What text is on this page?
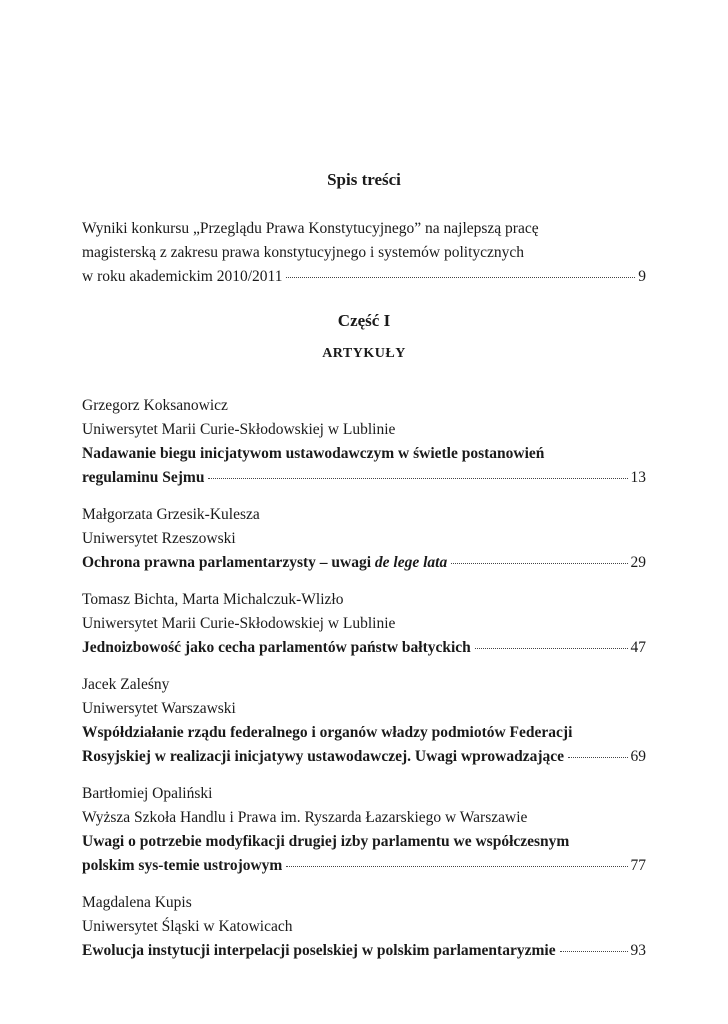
Spis treści
Wyniki konkursu „Przeglądu Prawa Konstytucyjnego” na najlepszą pracę
magisterską z zakresu prawa konstytucyjnego i systemów politycznych
w roku akademickim 2010/2011	9
Część I
ARTYKUŁY
Grzegorz Koksanowicz
Uniwersytet Marii Curie-Skłodowskiej w Lublinie
Nadawanie biegu inicjatywom ustawodawczym w świetle postanowień
regulaminu Sejmu	13
Małgorzata Grzesik-Kulesza
Uniwersytet Rzeszowski
Ochrona prawna parlamentarzysty – uwagi de lege lata	29
Tomasz Bichta, Marta Michalczuk-Wlizło
Uniwersytet Marii Curie-Skłodowskiej w Lublinie
Jednoizbowość jako cecha parlamentów państw bałtyckich	47
Jacek Zaleśny
Uniwersytet Warszawski
Współdziałanie rządu federalnego i organów władzy podmiotów Federacji
Rosyjskiej w realizacji inicjatywy ustawodawczej. Uwagi wprowadzające	69
Bartłomiej Opaliński
Wyższa Szkoła Handlu i Prawa im. Ryszarda Łazarskiego w Warszawie
Uwagi o potrzebie modyfikacji drugiej izby parlamentu we współczesnym
polskim sys-temie ustrojowym	77
Magdalena Kupis
Uniwersytet Śląski w Katowicach
Ewolucja instytucji interpelacji poselskiej w polskim parlamentaryzmie	93
